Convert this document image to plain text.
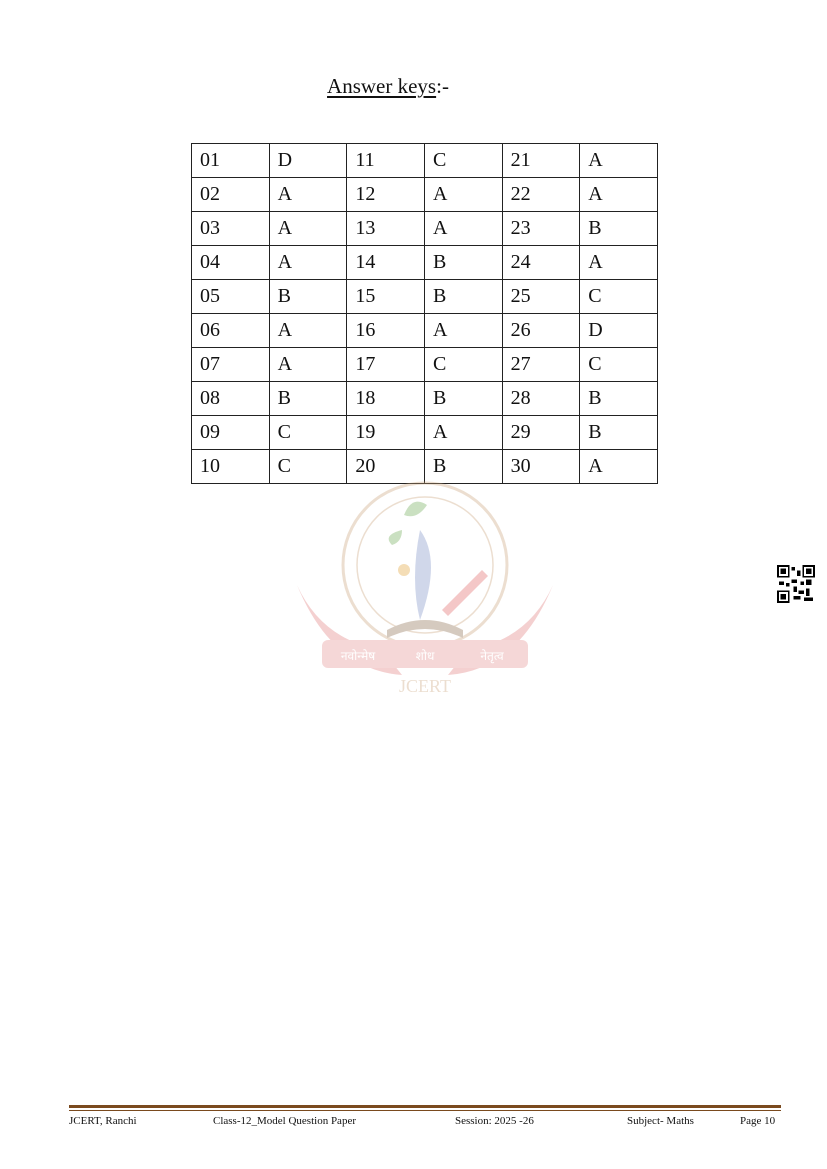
Answer keys:-
01	D	11	C	21	A
02	A	12	A	22	A
03	A	13	A	23	B
04	A	14	B	24	A
05	B	15	B	25	C
06	A	16	A	26	D
07	A	17	C	27	C
08	B	18	B	28	B
09	C	19	A	29	B
10	C	20	B	30	A
नवोन्मेष	शोध	नेतृत्व
JCERT
JCERT, Ranchi	Class-12_Model Question Paper	Session: 2025 -26	Subject- Maths	Page 10
